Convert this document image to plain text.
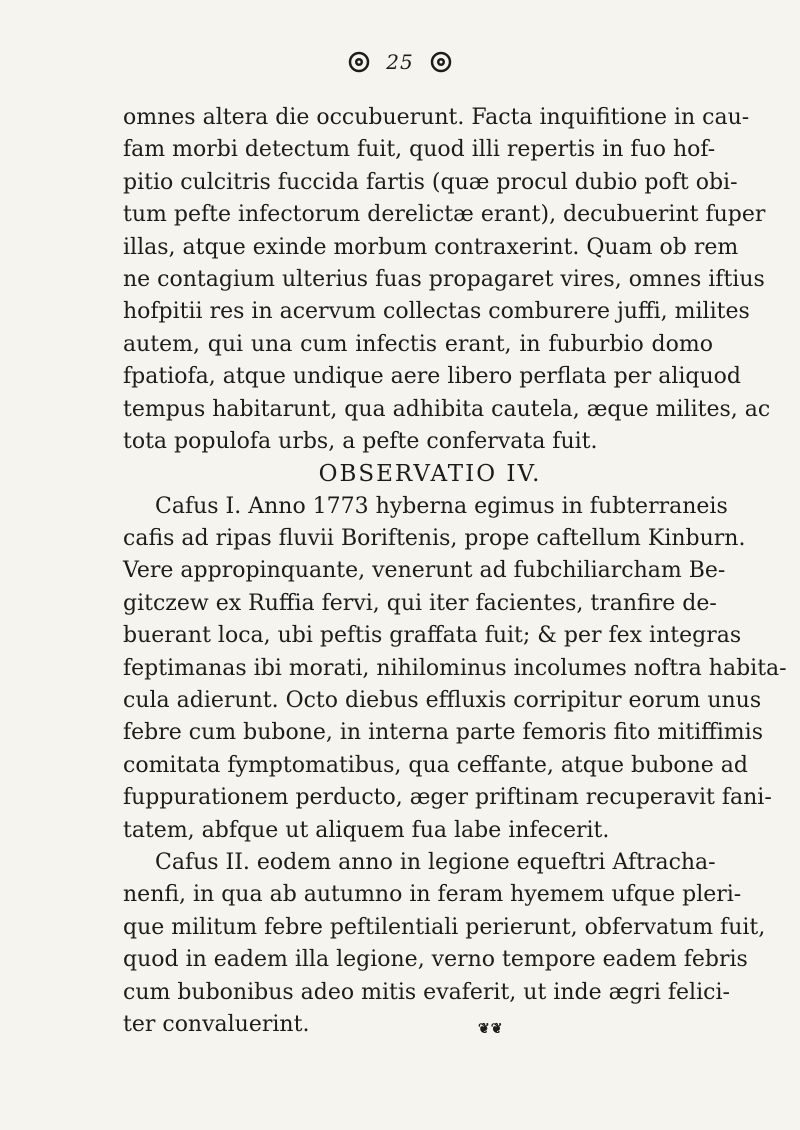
25
omnes altera die occubuerunt. Facta inquifitione in cau-
fam morbi detectum fuit, quod illi repertis in fuo hof-
pitio culcitris fuccida fartis (quæ procul dubio poft obi-
tum pefte infectorum derelictæ erant), decubuerint fuper
illas, atque exinde morbum contraxerint. Quam ob rem
ne contagium ulterius fuas propagaret vires, omnes iftius
hofpitii res in acervum collectas comburere juffi, milites
autem, qui una cum infectis erant, in fuburbio domo
fpatiofa, atque undique aere libero perflata per aliquod
tempus habitarunt, qua adhibita cautela, æque milites, ac
tota populofa urbs, a pefte confervata fuit.
OBSERVATIO IV.
Cafus I. Anno 1773 hyberna egimus in fubterraneis
cafis ad ripas fluvii Boriftenis, prope caftellum Kinburn.
Vere appropinquante, venerunt ad fubchiliarcham Be-
gitczew ex Ruffia fervi, qui iter facientes, tranfire de-
buerant loca, ubi peftis graffata fuit; & per fex integras
feptimanas ibi morati, nihilominus incolumes noftra habita-
cula adierunt. Octo diebus effluxis corripitur eorum unus
febre cum bubone, in interna parte femoris fito mitiffimis
comitata fymptomatibus, qua ceffante, atque bubone ad
fuppurationem perducto, æger priftinam recuperavit fani-
tatem, abfque ut aliquem fua labe infecerit.
Cafus II. eodem anno in legione equeftri Aftracha-
nenfi, in qua ab autumno in feram hyemem ufque pleri-
que militum febre peftilentiali perierunt, obfervatum fuit,
quod in eadem illa legione, verno tempore eadem febris
cum bubonibus adeo mitis evaferit, ut inde ægri felici-
ter convaluerint.	❦❦
